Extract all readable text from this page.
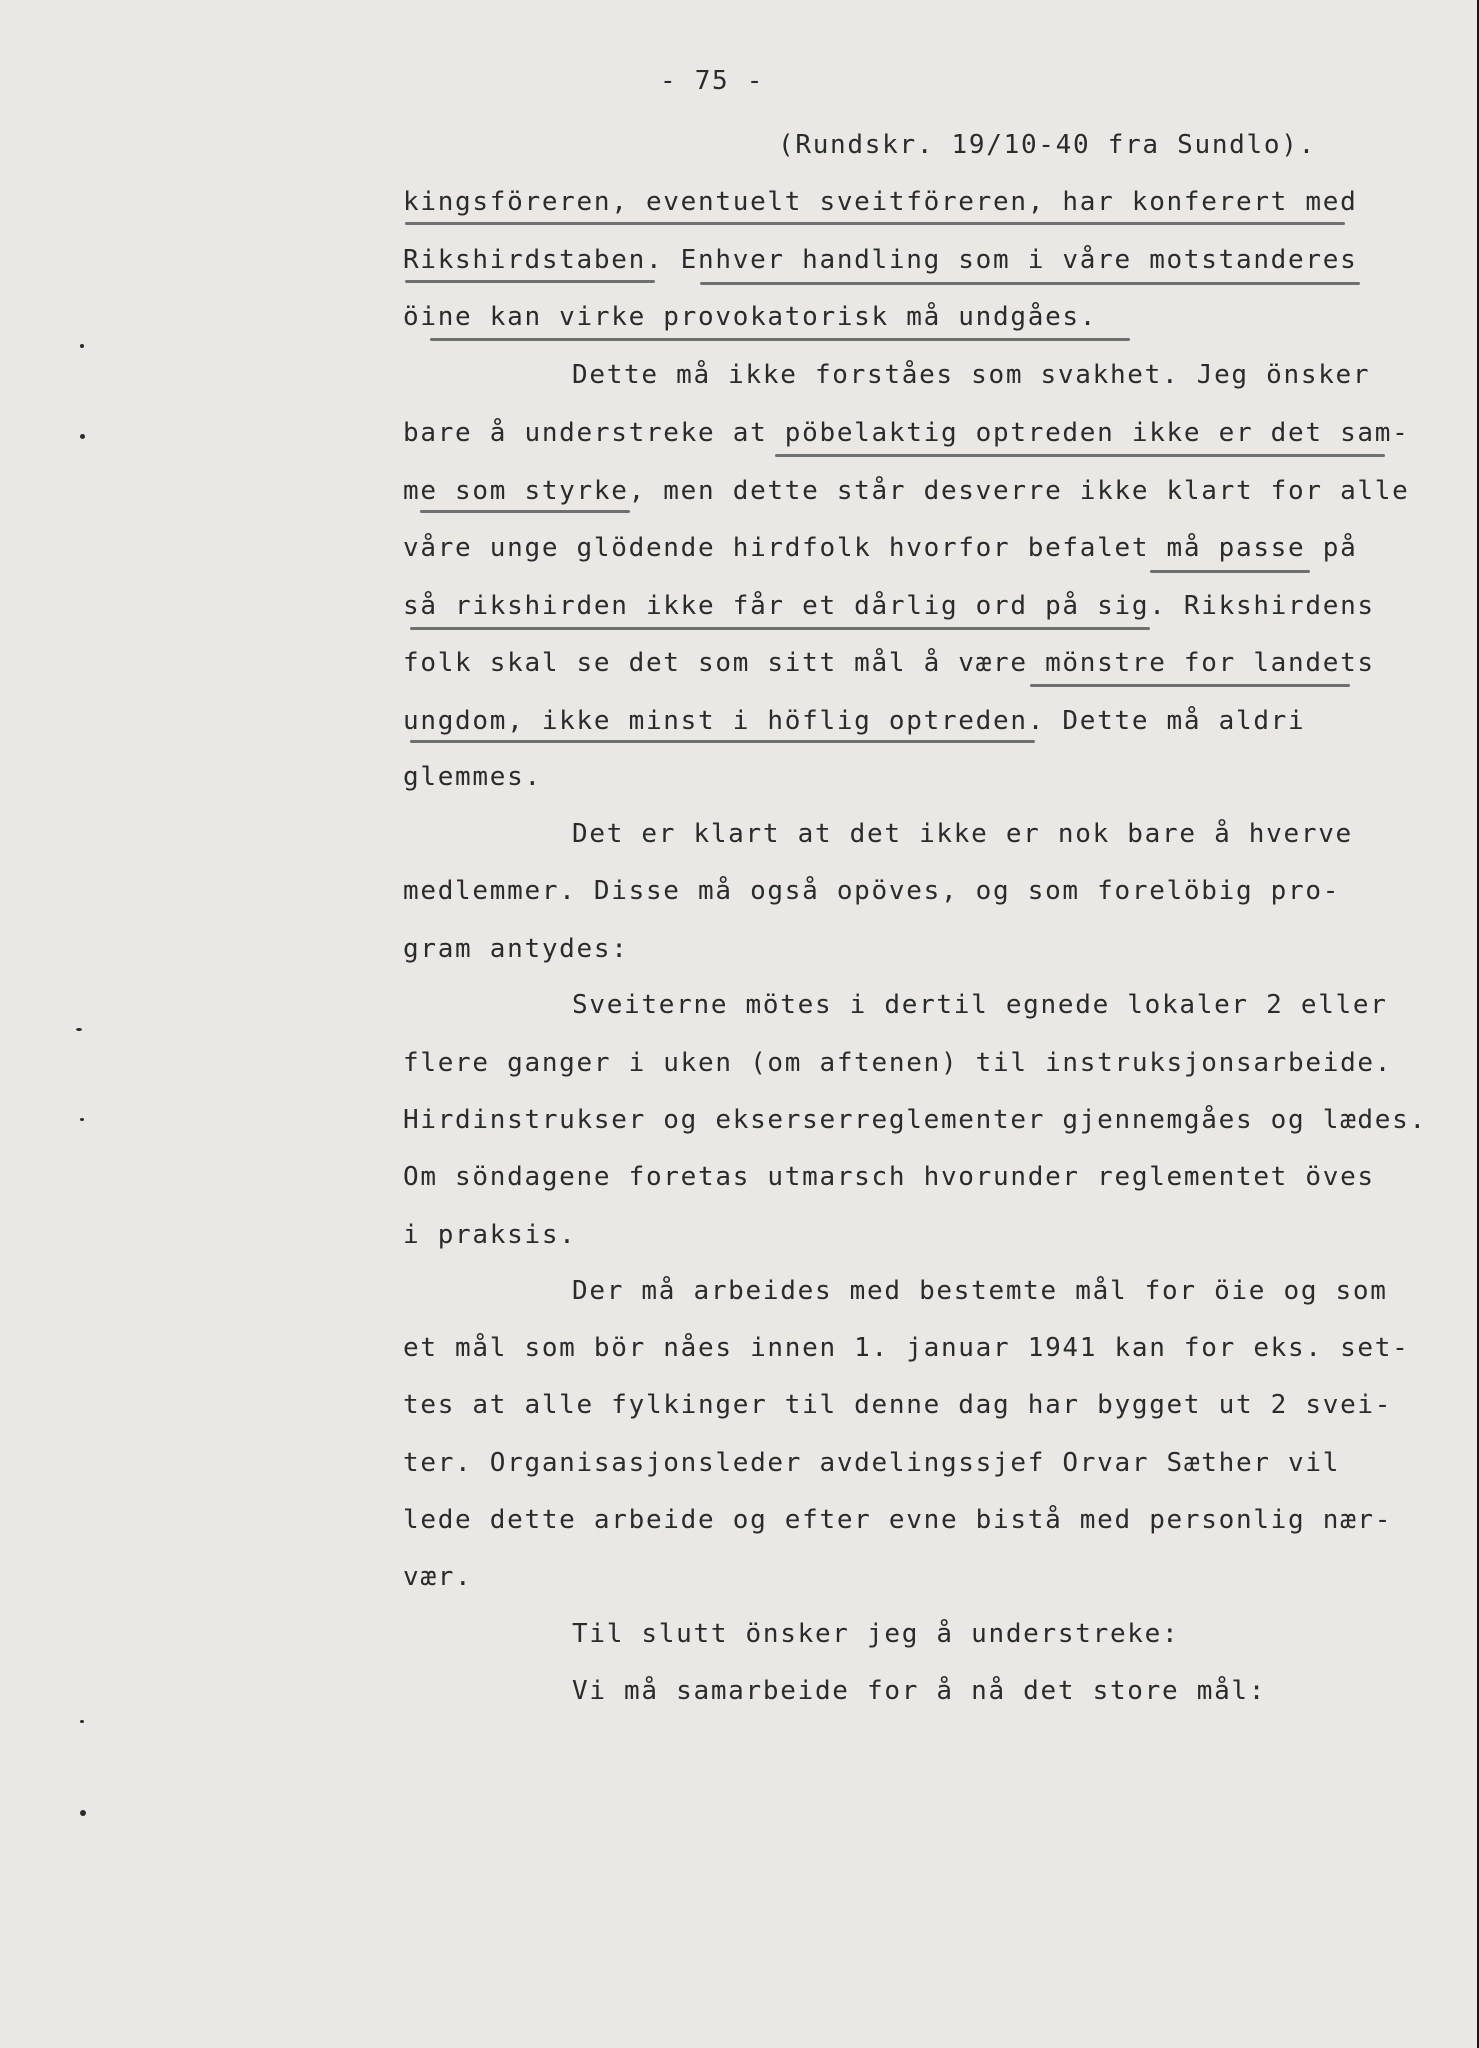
- 75 -
(Rundskr. 19/10-40 fra Sundlo).
kingsföreren, eventuelt sveitföreren, har konferert med
Rikshirdstaben. Enhver handling som i våre motstanderes
öine kan virke provokatorisk må undgåes.
Dette må ikke forståes som svakhet. Jeg önsker
bare å understreke at pöbelaktig optreden ikke er det sam-
me som styrke, men dette står desverre ikke klart for alle
våre unge glödende hirdfolk hvorfor befalet må passe på
så rikshirden ikke får et dårlig ord på sig. Rikshirdens
folk skal se det som sitt mål å være mönstre for landets
ungdom, ikke minst i höflig optreden. Dette må aldri
glemmes.
Det er klart at det ikke er nok bare å hverve
medlemmer. Disse må også opöves, og som forelöbig pro-
gram antydes:
Sveiterne mötes i dertil egnede lokaler 2 eller
flere ganger i uken (om aftenen) til instruksjonsarbeide.
Hirdinstrukser og ekserserreglementer gjennemgåes og lædes.
Om söndagene foretas utmarsch hvorunder reglementet öves
i praksis.
Der må arbeides med bestemte mål for öie og som
et mål som bör nåes innen 1. januar 1941 kan for eks. set-
tes at alle fylkinger til denne dag har bygget ut 2 svei-
ter. Organisasjonsleder avdelingssjef Orvar Sæther vil
lede dette arbeide og efter evne bistå med personlig nær-
vær.
Til slutt önsker jeg å understreke:
Vi må samarbeide for å nå det store mål:
